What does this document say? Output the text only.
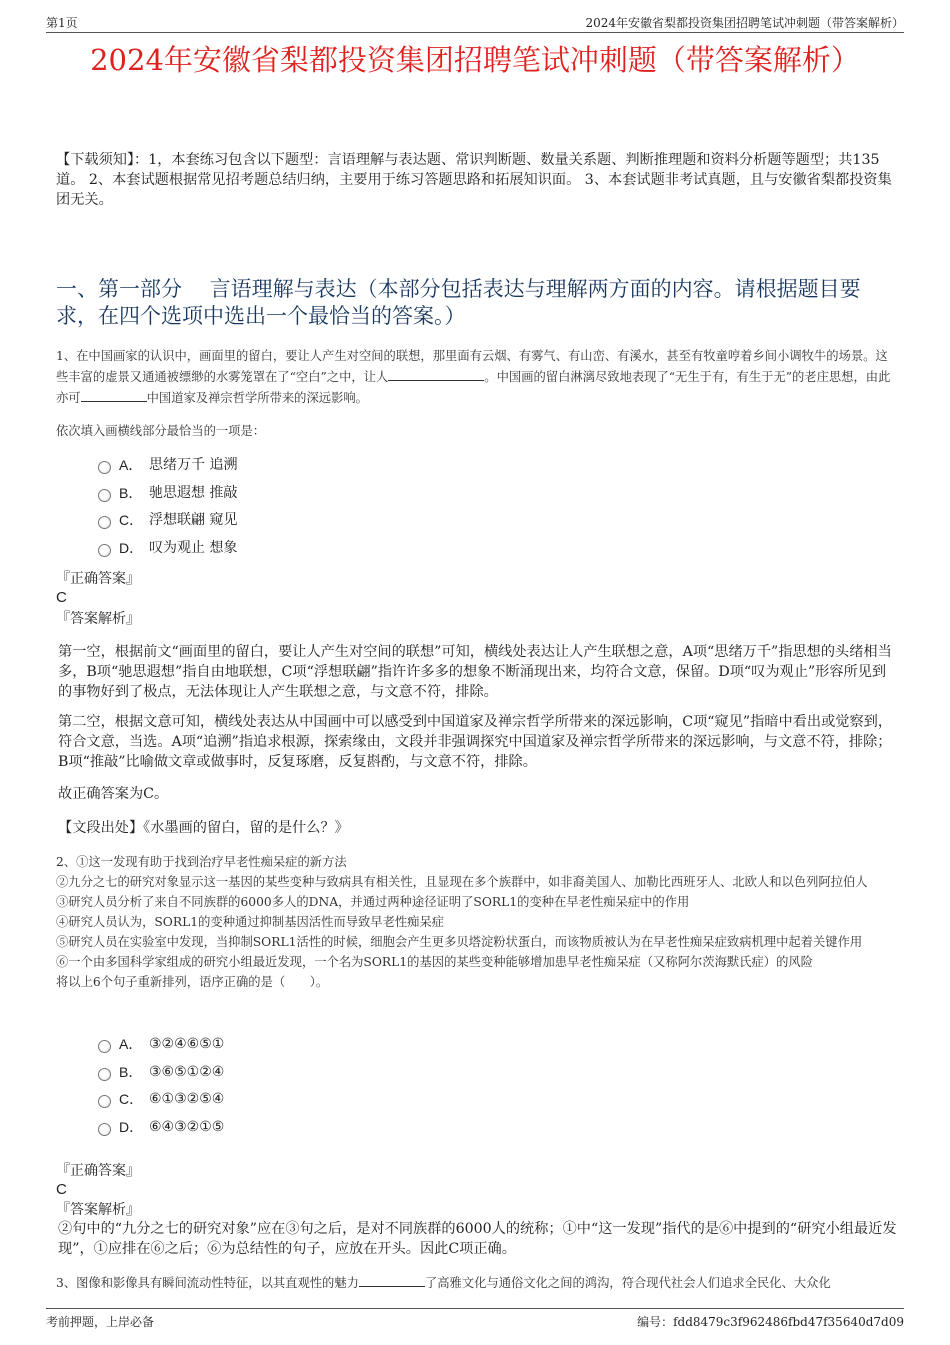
第1页	2024年安徽省梨都投资集团招聘笔试冲刺题（带答案解析）
2024年安徽省梨都投资集团招聘笔试冲刺题（带答案解析）
【下载须知】：1，本套练习包含以下题型：言语理解与表达题、常识判断题、数量关系题、判断推理题和资料分析题等题型；共135道。 2、本套试题根据常见招考题总结归纳，主要用于练习答题思路和拓展知识面。 3、本套试题非考试真题，且与安徽省梨都投资集团无关。
一、第一部分　 言语理解与表达（本部分包括表达与理解两方面的内容。请根据题目要求，在四个选项中选出一个最恰当的答案。）
1、在中国画家的认识中，画面里的留白，要让人产生对空间的联想，那里面有云烟、有雾气、有山峦、有溪水，甚至有牧童哼着乡间小调牧牛的场景。这些丰富的虚景又通通被缥缈的水雾笼罩在了“空白”之中，让人	。中国画的留白淋漓尽致地表现了“无生于有，有生于无”的老庄思想，由此亦可	中国道家及禅宗哲学所带来的深远影响。
依次填入画横线部分最恰当的一项是：
A． 思绪万千 追溯
B． 驰思遐想 推敲
C． 浮想联翩 窥见
D． 叹为观止 想象
『正确答案』
C
『答案解析』
第一空，根据前文“画面里的留白，要让人产生对空间的联想”可知，横线处表达让人产生联想之意，A项“思绪万千”指思想的头绪相当多，B项“驰思遐想”指自由地联想，C项“浮想联翩”指许许多多的想象不断涌现出来，均符合文意，保留。D项“叹为观止”形容所见到的事物好到了极点，无法体现让人产生联想之意，与文意不符，排除。
第二空，根据文意可知，横线处表达从中国画中可以感受到中国道家及禅宗哲学所带来的深远影响，C项“窥见”指暗中看出或觉察到，符合文意，当选。A项“追溯”指追求根源，探索缘由，文段并非强调探究中国道家及禅宗哲学所带来的深远影响，与文意不符，排除；B项“推敲”比喻做文章或做事时，反复琢磨，反复斟酌，与文意不符，排除。
故正确答案为C。
【文段出处】《水墨画的留白，留的是什么？》
2、①这一发现有助于找到治疗早老性痴呆症的新方法
②九分之七的研究对象显示这一基因的某些变种与致病具有相关性，且显现在多个族群中，如非裔美国人、加勒比西班牙人、北欧人和以色列阿拉伯人
③研究人员分析了来自不同族群的6000多人的DNA，并通过两种途径证明了SORL1的变种在早老性痴呆症中的作用
④研究人员认为，SORL1的变种通过抑制基因活性而导致早老性痴呆症
⑤研究人员在实验室中发现，当抑制SORL1活性的时候，细胞会产生更多贝塔淀粉状蛋白，而该物质被认为在早老性痴呆症致病机理中起着关键作用
⑥一个由多国科学家组成的研究小组最近发现，一个名为SORL1的基因的某些变种能够增加患早老性痴呆症（又称阿尔茨海默氏症）的风险
将以上6个句子重新排列，语序正确的是（　　）。
A． ③②④⑥⑤①
B． ③⑥⑤①②④
C． ⑥①③②⑤④
D． ⑥④③②①⑤
『正确答案』
C
『答案解析』
②句中的“九分之七的研究对象”应在③句之后，是对不同族群的6000人的统称；①中“这一发现”指代的是⑥中提到的“研究小组最近发现”，①应排在⑥之后；⑥为总结性的句子，应放在开头。因此C项正确。
3、图像和影像具有瞬间流动性特征，以其直观性的魅力	了高雅文化与通俗文化之间的鸿沟，符合现代社会人们追求全民化、大众化
考前押题，上岸必备	编号：fdd8479c3f962486fbd47f35640d7d09
